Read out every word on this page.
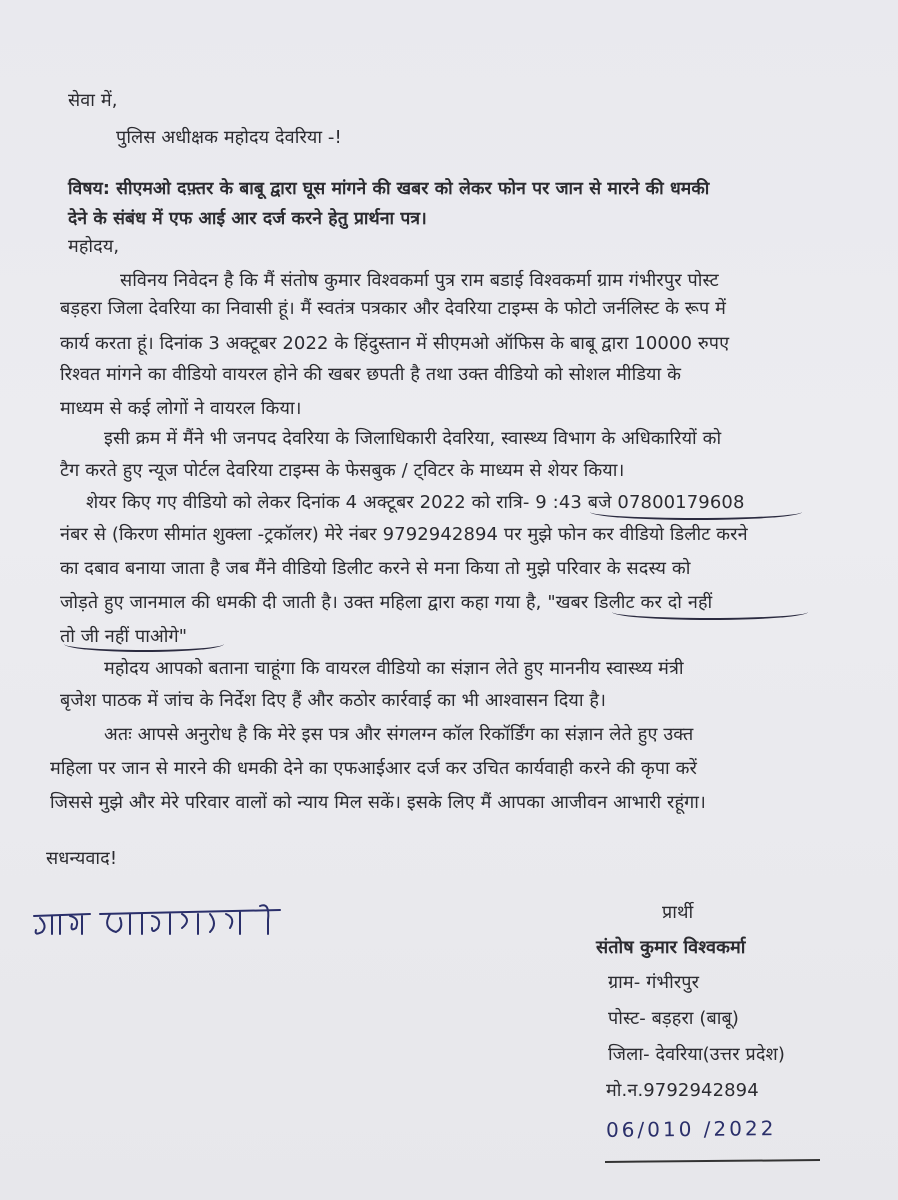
सेवा में,
पुलिस अधीक्षक महोदय देवरिया -!
विषय: सीएमओ दफ़्तर के बाबू द्वारा घूस मांगने की खबर को लेकर फोन पर जान से मारने की धमकी
देने के संबंध में एफ आई आर दर्ज करने हेतु प्रार्थना पत्र।
महोदय,
सविनय निवेदन है कि मैं संतोष कुमार विश्वकर्मा पुत्र राम बडाई विश्वकर्मा ग्राम गंभीरपुर पोस्ट
बड़हरा जिला देवरिया का निवासी हूं। मैं स्वतंत्र पत्रकार और देवरिया टाइम्स के फोटो जर्नलिस्ट के रूप में
कार्य करता हूं। दिनांक 3 अक्टूबर 2022 के हिंदुस्तान में सीएमओ ऑफिस के बाबू द्वारा 10000 रुपए
रिश्वत मांगने का वीडियो वायरल होने की खबर छपती है तथा उक्त वीडियो को सोशल मीडिया के
माध्यम से कई लोगों ने वायरल किया।
इसी क्रम में मैंने भी जनपद देवरिया के जिलाधिकारी देवरिया, स्वास्थ्य विभाग के अधिकारियों को
टैग करते हुए न्यूज पोर्टल देवरिया टाइम्स के फेसबुक / ट्विटर के माध्यम से शेयर किया।
शेयर किए गए वीडियो को लेकर दिनांक 4 अक्टूबर 2022 को रात्रि- 9 :43 बजे 07800179608
नंबर से (किरण सीमांत शुक्ला -ट्रकॉलर) मेरे नंबर 9792942894 पर मुझे फोन कर वीडियो डिलीट करने
का दबाव बनाया जाता है जब मैंने वीडियो डिलीट करने से मना किया तो मुझे परिवार के सदस्य को
जोड़ते हुए जानमाल की धमकी दी जाती है। उक्त महिला द्वारा कहा गया है, "खबर डिलीट कर दो नहीं
तो जी नहीं पाओगे"
महोदय आपको बताना चाहूंगा कि वायरल वीडियो का संज्ञान लेते हुए माननीय स्वास्थ्य मंत्री
बृजेश पाठक में जांच के निर्देश दिए हैं और कठोर कार्रवाई का भी आश्वासन दिया है।
अतः आपसे अनुरोध है कि मेरे इस पत्र और संगलग्न कॉल रिकॉर्डिंग का संज्ञान लेते हुए उक्त
महिला पर जान से मारने की धमकी देने का एफआईआर दर्ज कर उचित कार्यवाही करने की कृपा करें
जिससे मुझे और मेरे परिवार वालों को न्याय मिल सकें। इसके लिए मैं आपका आजीवन आभारी रहूंगा।
सधन्यवाद!
प्रार्थी
संतोष कुमार विश्वकर्मा
ग्राम- गंभीरपुर
पोस्ट- बड़हरा (बाबू)
जिला- देवरिया(उत्तर प्रदेश)
मो.न.9792942894
06/010 /2022
